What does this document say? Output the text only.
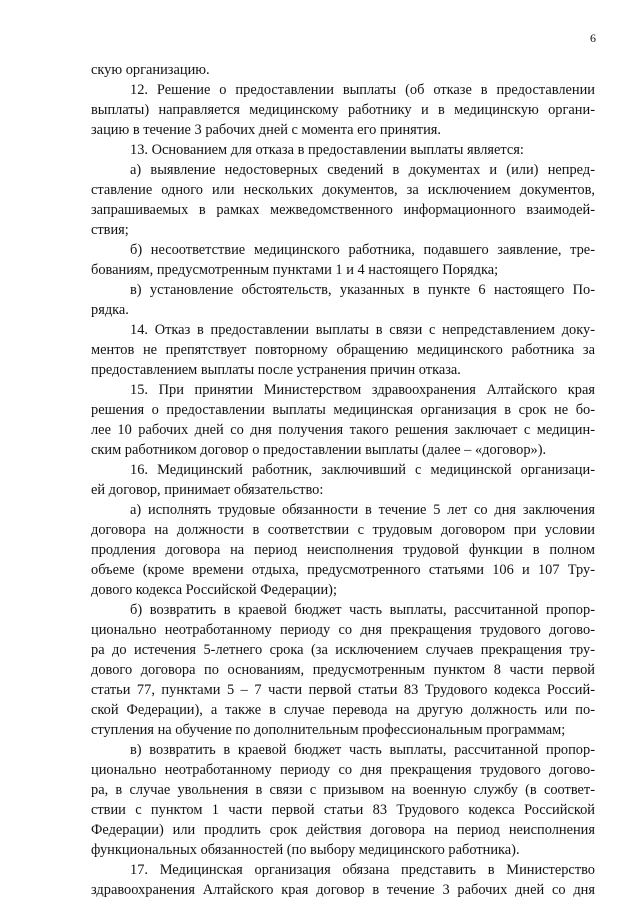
6
скую организацию.
12. Решение о предоставлении выплаты (об отказе в предоставлении
выплаты) направляется медицинскому работнику и в медицинскую органи-
зацию в течение 3 рабочих дней с момента его принятия.
13. Основанием для отказа в предоставлении выплаты является:
а) выявление недостоверных сведений в документах и (или) непред-
ставление одного или нескольких документов, за исключением документов,
запрашиваемых в рамках межведомственного информационного взаимодей-
ствия;
б) несоответствие медицинского работника, подавшего заявление, тре-
бованиям, предусмотренным пунктами 1 и 4 настоящего Порядка;
в) установление обстоятельств, указанных в пункте 6 настоящего По-
рядка.
14. Отказ в предоставлении выплаты в связи с непредставлением доку-
ментов не препятствует повторному обращению медицинского работника за
предоставлением выплаты после устранения причин отказа.
15. При принятии Министерством здравоохранения Алтайского края
решения о предоставлении выплаты медицинская организация в срок не бо-
лее 10 рабочих дней со дня получения такого решения заключает с медицин-
ским работником договор о предоставлении выплаты (далее – «договор»).
16. Медицинский работник, заключивший с медицинской организаци-
ей договор, принимает обязательство:
а) исполнять трудовые обязанности в течение 5 лет со дня заключения
договора на должности в соответствии с трудовым договором при условии
продления договора на период неисполнения трудовой функции в полном
объеме (кроме времени отдыха, предусмотренного статьями 106 и 107 Тру-
дового кодекса Российской Федерации);
б) возвратить в краевой бюджет часть выплаты, рассчитанной пропор-
ционально неотработанному периоду со дня прекращения трудового догово-
ра до истечения 5-летнего срока (за исключением случаев прекращения тру-
дового договора по основаниям, предусмотренным пунктом 8 части первой
статьи 77, пунктами 5 – 7 части первой статьи 83 Трудового кодекса Россий-
ской Федерации), а также в случае перевода на другую должность или по-
ступления на обучение по дополнительным профессиональным программам;
в) возвратить в краевой бюджет часть выплаты, рассчитанной пропор-
ционально неотработанному периоду со дня прекращения трудового догово-
ра, в случае увольнения в связи с призывом на военную службу (в соответ-
ствии с пунктом 1 части первой статьи 83 Трудового кодекса Российской
Федерации) или продлить срок действия договора на период неисполнения
функциональных обязанностей (по выбору медицинского работника).
17. Медицинская организация обязана представить в Министерство
здравоохранения Алтайского края договор в течение 3 рабочих дней со дня
